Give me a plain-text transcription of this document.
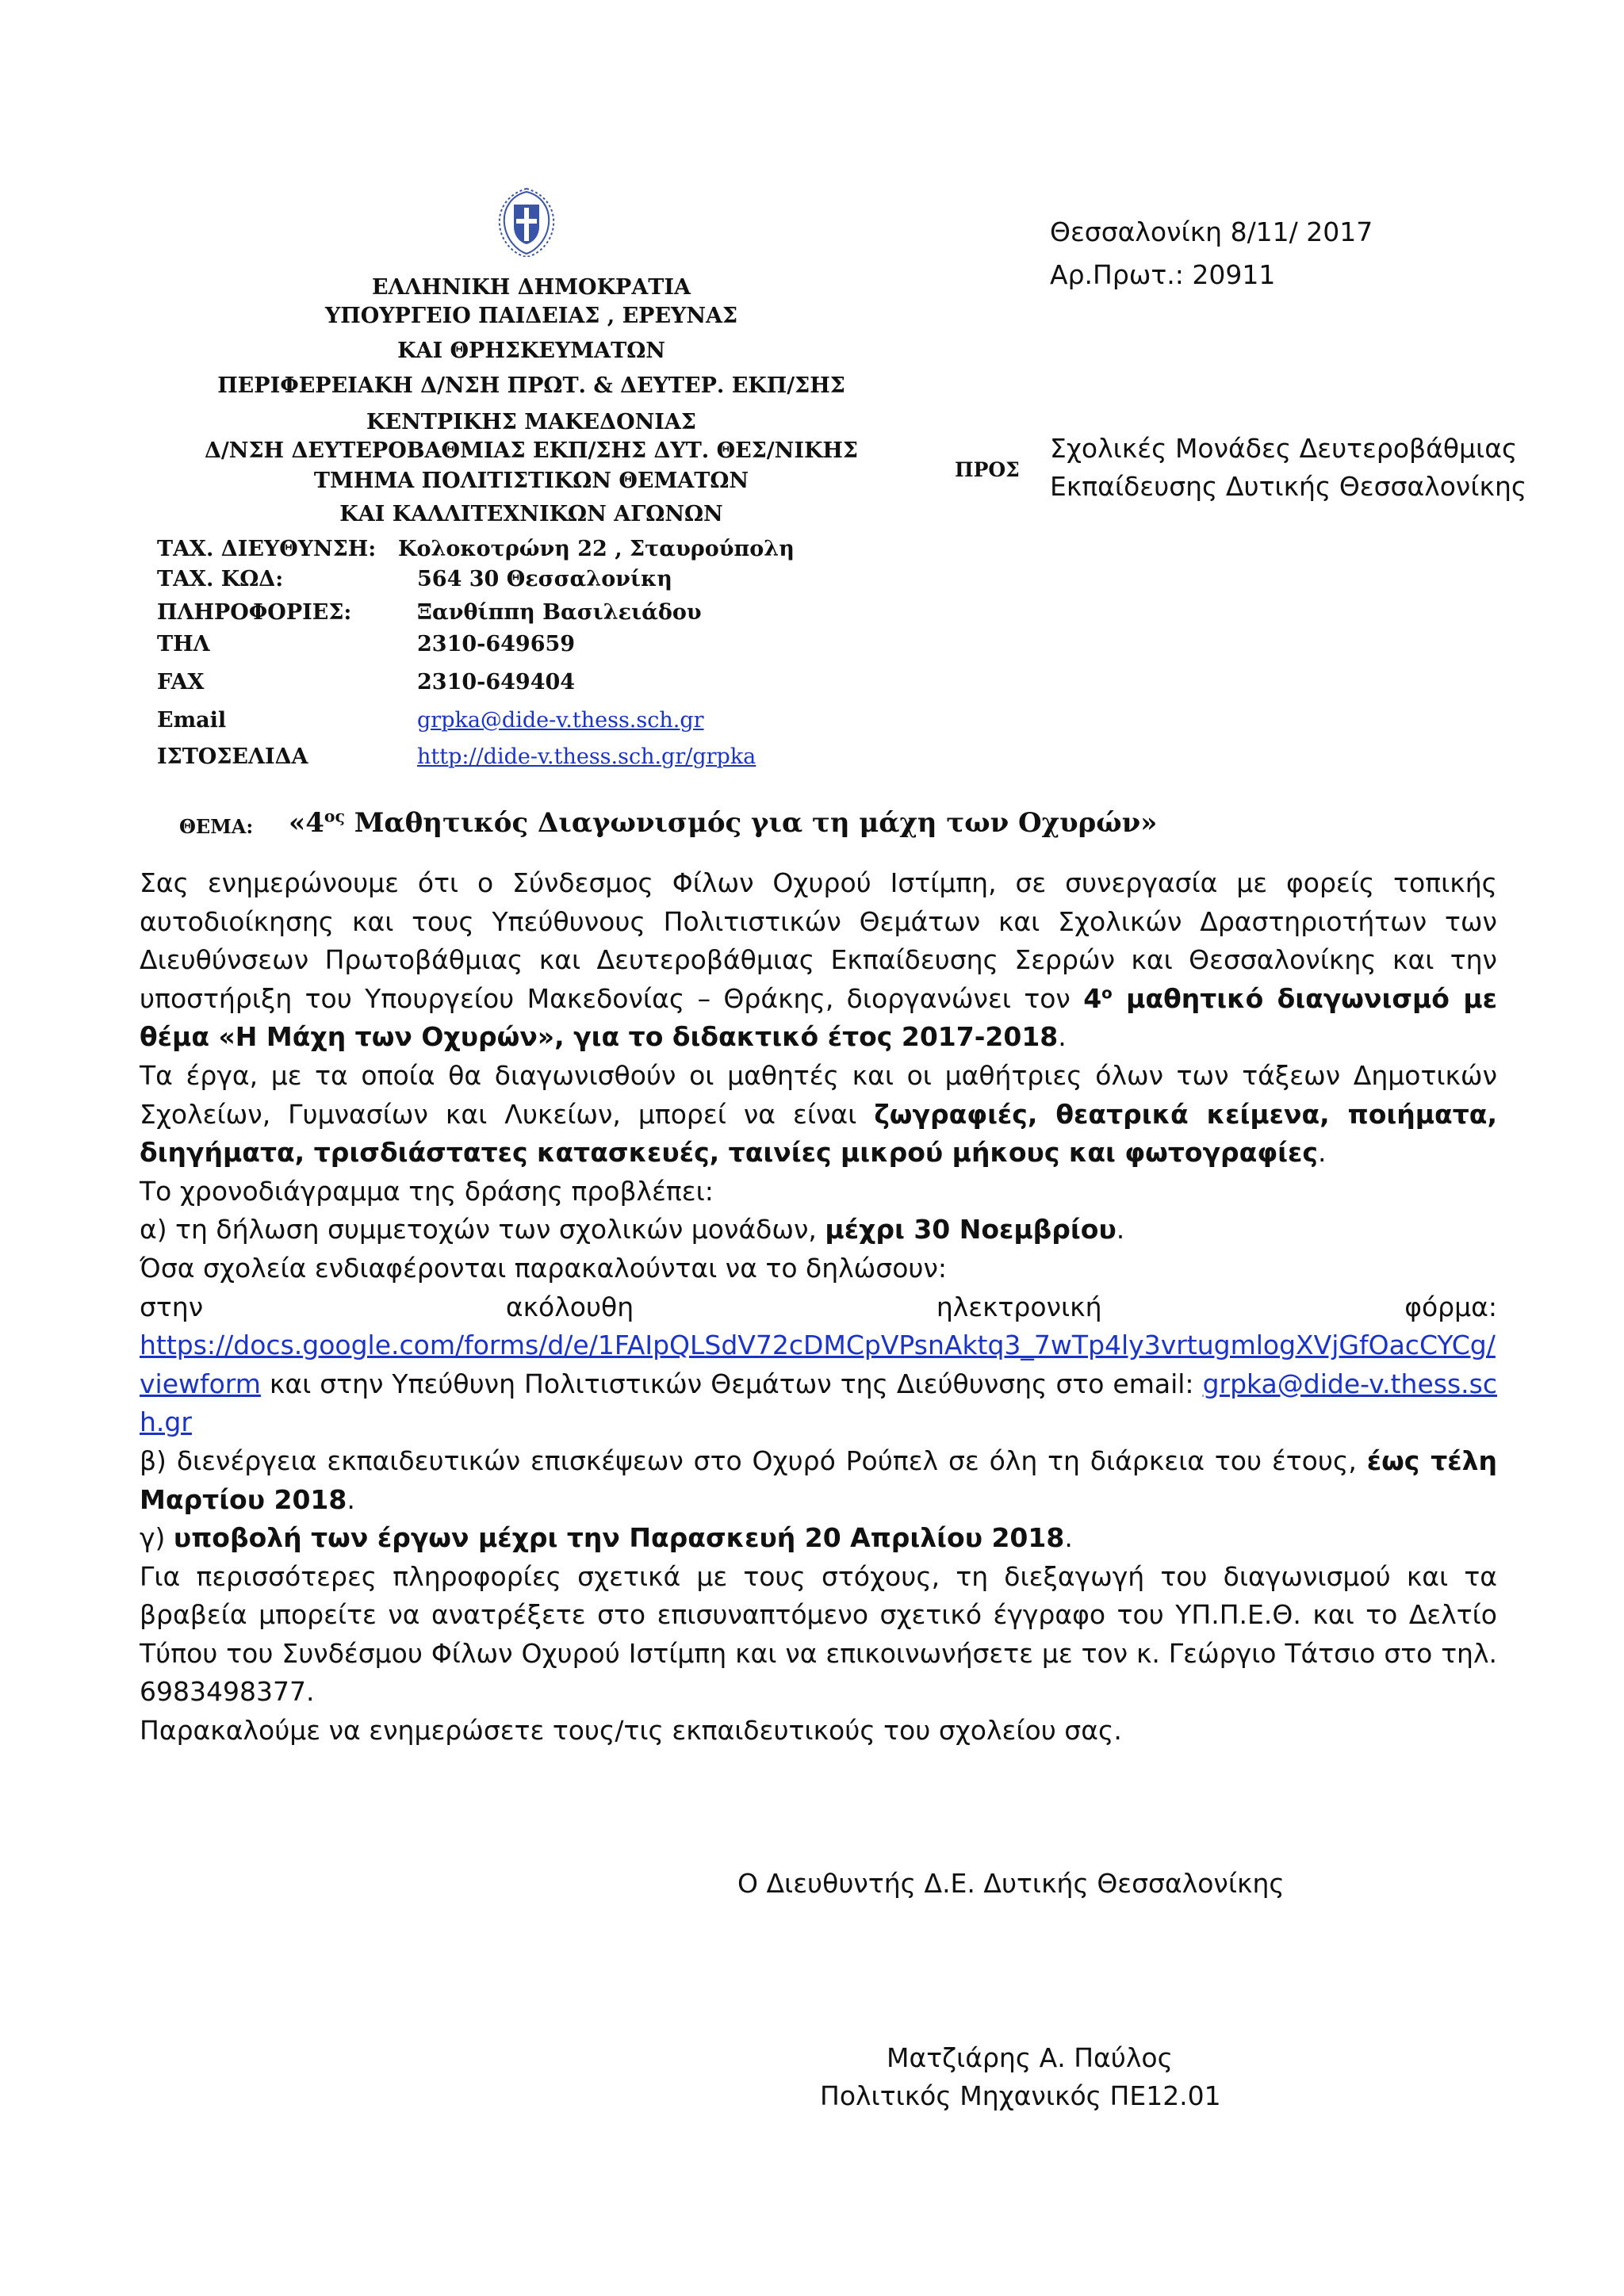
ΕΛΛΗΝΙΚΗ ΔΗΜΟΚΡΑΤΙΑ
ΥΠΟΥΡΓΕΙΟ ΠΑΙΔΕΙΑΣ , ΕΡΕΥΝΑΣ
ΚΑΙ ΘΡΗΣΚΕΥΜΑΤΩΝ
ΠΕΡΙΦΕΡΕΙΑΚΗ Δ/ΝΣΗ ΠΡΩΤ. & ΔΕΥΤΕΡ. ΕΚΠ/ΣΗΣ
ΚΕΝΤΡΙΚΗΣ ΜΑΚΕΔΟΝΙΑΣ
Δ/ΝΣΗ ΔΕΥΤΕΡΟΒΑΘΜΙΑΣ ΕΚΠ/ΣΗΣ ΔΥΤ. ΘΕΣ/ΝΙΚΗΣ
ΤΜΗΜΑ ΠΟΛΙΤΙΣΤΙΚΩΝ ΘΕΜΑΤΩΝ
ΚΑΙ ΚΑΛΛΙΤΕΧΝΙΚΩΝ ΑΓΩΝΩΝ
ΤΑΧ. ΔΙΕΥΘΥΝΣΗ: Κολοκοτρώνη 22 , Σταυρούπολη
ΤΑΧ. ΚΩΔ:	564 30 Θεσσαλονίκη
ΠΛΗΡΟΦΟΡΙΕΣ:	Ξανθίππη Βασιλειάδου
ΤΗΛ	2310-649659
FAX	2310-649404
Email	grpka@dide-v.thess.sch.gr
ΙΣΤΟΣΕΛΙΔΑ	http://dide-v.thess.sch.gr/grpka
Θεσσαλονίκη 8/11/ 2017
Αρ.Πρωτ.: 20911
ΠΡΟΣ
Σχολικές Μονάδες Δευτεροβάθμιας
Εκπαίδευσης Δυτικής Θεσσαλονίκης
ΘΕΜΑ: «$4^{o\varsigma}$ Μαθητικός Διαγωνισμός για τη μάχη των Οχυρών»

Σας ενημερώνουμε ότι ο Σύνδεσμος Φίλων Οχυρού Ιστίμπη, σε συνεργασία με φορείς τοπικής αυτοδιοίκησης και τους Υπεύθυνους Πολιτιστικών Θεμάτων και Σχολικών Δραστηριοτήτων των Διευθύνσεων Πρωτοβάθμιας και Δευτεροβάθμιας Εκπαίδευσης Σερρών και Θεσσαλονίκης και την υποστήριξη του Υπουργείου Μακεδονίας – Θράκης, διοργανώνει τον $4^o$ μαθητικό διαγωνισμό με θέμα «Η Μάχη των Οχυρών», για το διδακτικό έτος 2017-2018.

Τα έργα, με τα οποία θα διαγωνισθούν οι μαθητές και οι μαθήτριες όλων των τάξεων Δημοτικών Σχολείων, Γυμνασίων και Λυκείων, μπορεί να είναι ζωγραφιές, θεατρικά κείμενα, ποιήματα, διηγήματα, τρισδιάστατες κατασκευές, ταινίες μικρού μήκους και φωτογραφίες.

Το χρονοδιάγραμμα της δράσης προβλέπει:

α) τη δήλωση συμμετοχών των σχολικών μονάδων, μέχρι 30 Νοεμβρίου.

Όσα σχολεία ενδιαφέρονται παρακαλούνται να το δηλώσουν:

στην	ακόλουθη	ηλεκτρονική	φόρμα:

https://docs.google.com/forms/d/e/1FAIpQLSdV72cDMCpVPsnAktq3_7wTp4ly3vrtugmlogXVjGfOacCYCg/viewform και στην Υπεύθυνη Πολιτιστικών Θεμάτων της Διεύθυνσης στο email: grpka@dide-v.thess.sch.gr

β) διενέργεια εκπαιδευτικών επισκέψεων στο Οχυρό Ρούπελ σε όλη τη διάρκεια του έτους, έως τέλη Μαρτίου 2018.

γ) υποβολή των έργων μέχρι την Παρασκευή 20 Απριλίου 2018.

Για περισσότερες πληροφορίες σχετικά με τους στόχους, τη διεξαγωγή του διαγωνισμού και τα βραβεία μπορείτε να ανατρέξετε στο επισυναπτόμενο σχετικό έγγραφο του ΥΠ.Π.Ε.Θ. και το Δελτίο Τύπου του Συνδέσμου Φίλων Οχυρού Ιστίμπη και να επικοινωνήσετε με τον κ. Γεώργιο Τάτσιο στο τηλ. 6983498377.

Παρακαλούμε να ενημερώσετε τους/τις εκπαιδευτικούς του σχολείου σας.

Ο Διευθυντής Δ.Ε. Δυτικής Θεσσαλονίκης
Ματζιάρης Α. Παύλος
Πολιτικός Μηχανικός ΠΕ12.01
